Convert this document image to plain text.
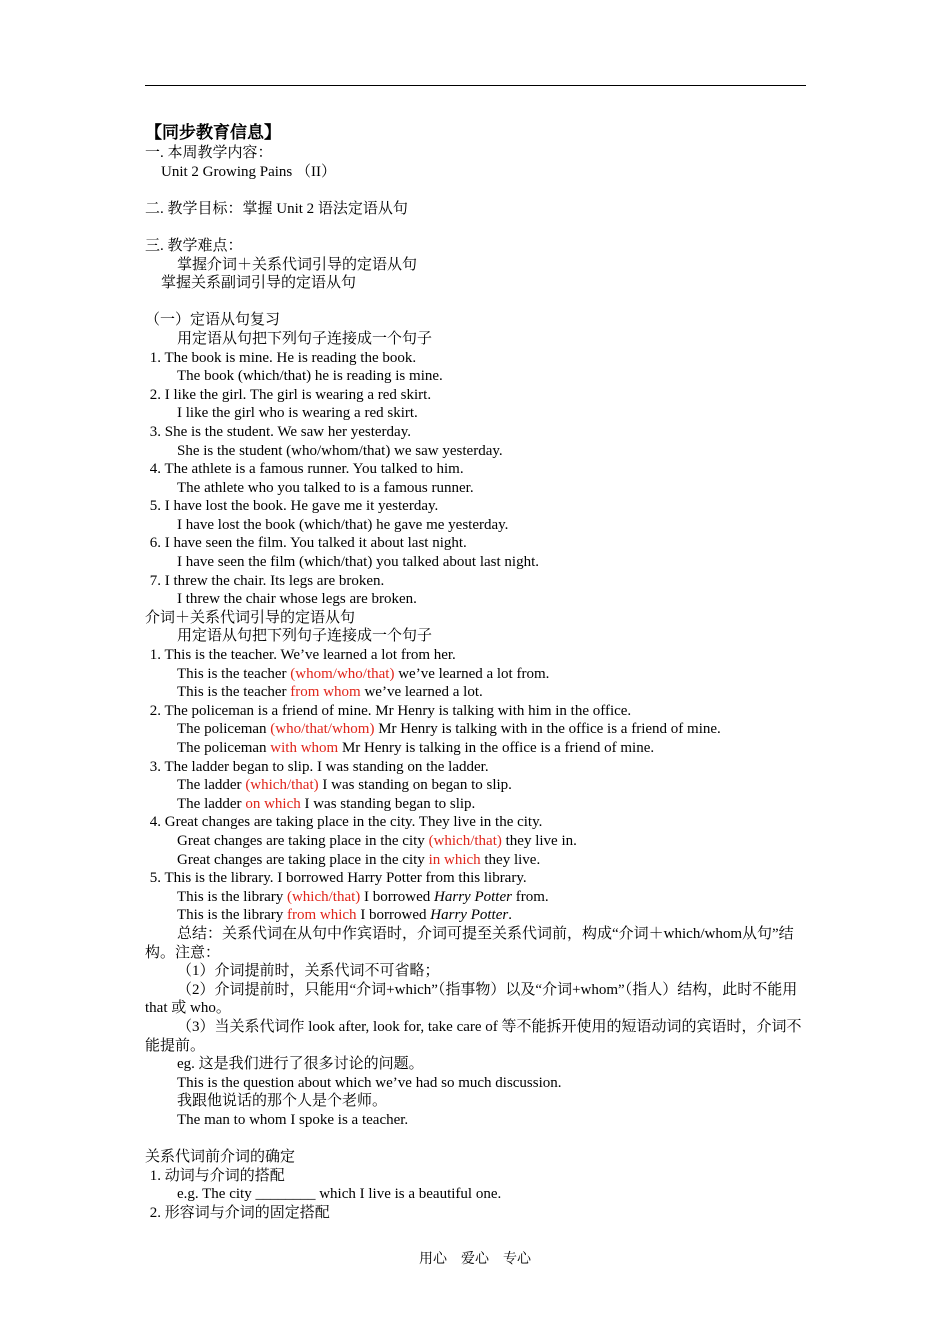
【同步教育信息】
一. 本周教学内容：
Unit 2 Growing Pains （II）
二. 教学目标：掌握 Unit 2 语法定语从句
三. 教学难点：
掌握介词＋关系代词引导的定语从句
掌握关系副词引导的定语从句
（一）定语从句复习
用定语从句把下列句子连接成一个句子
1. The book is mine. He is reading the book.
The book (which/that) he is reading is mine.
2. I like the girl. The girl is wearing a red skirt.
I like the girl who is wearing a red skirt.
3. She is the student. We saw her yesterday.
She is the student (who/whom/that) we saw yesterday.
4. The athlete is a famous runner. You talked to him.
The athlete who you talked to is a famous runner.
5. I have lost the book. He gave me it yesterday.
I have lost the book (which/that) he gave me yesterday.
6. I have seen the film. You talked it about last night.
I have seen the film (which/that) you talked about last night.
7. I threw the chair. Its legs are broken.
I threw the chair whose legs are broken.
介词＋关系代词引导的定语从句
用定语从句把下列句子连接成一个句子
1. This is the teacher. We’ve learned a lot from her.
This is the teacher (whom/who/that) we’ve learned a lot from.
This is the teacher from whom we’ve learned a lot.
2. The policeman is a friend of mine. Mr Henry is talking with him in the office.
The policeman (who/that/whom) Mr Henry is talking with in the office is a friend of mine.
The policeman with whom Mr Henry is talking in the office is a friend of mine.
3. The ladder began to slip. I was standing on the ladder.
The ladder (which/that) I was standing on began to slip.
The ladder on which I was standing began to slip.
4. Great changes are taking place in the city. They live in the city.
Great changes are taking place in the city (which/that) they live in.
Great changes are taking place in the city in which they live.
5. This is the library. I borrowed Harry Potter from this library.
This is the library (which/that) I borrowed Harry Potter from.
This is the library from which I borrowed Harry Potter.
总结：关系代词在从句中作宾语时，介词可提至关系代词前，构成“介词＋which/whom从句”结构。注意：
（1）介词提前时，关系代词不可省略；
（2）介词提前时，只能用“介词+which”（指事物）以及“介词+whom”（指人）结构，此时不能用 that 或 who。
（3）当关系代词作 look after, look for, take care of 等不能拆开使用的短语动词的宾语时，介词不能提前。
eg. 这是我们进行了很多讨论的问题。
This is the question about which we’ve had so much discussion.
我跟他说话的那个人是个老师。
The man to whom I spoke is a teacher.
关系代词前介词的确定
1. 动词与介词的搭配
e.g. The city ________ which I live is a beautiful one.
2. 形容词与介词的固定搭配
用心　爱心　专心
